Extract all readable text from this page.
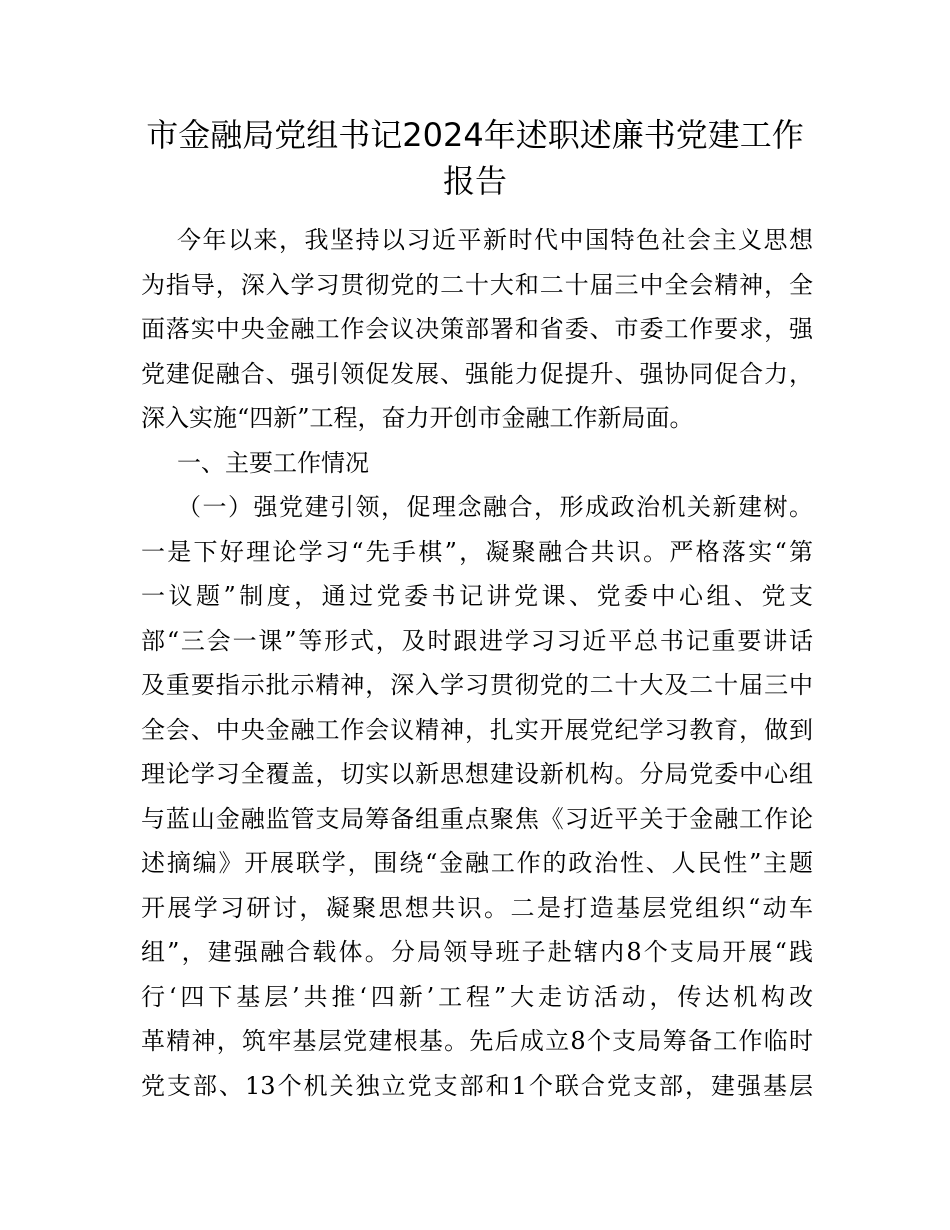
市金融局党组书记2024年述职述廉书党建工作
报告
今年以来，我坚持以习近平新时代中国特色社会主义思想
为指导，深入学习贯彻党的二十大和二十届三中全会精神，全
面落实中央金融工作会议决策部署和省委、市委工作要求，强
党建促融合、强引领促发展、强能力促提升、强协同促合力，
深入实施“四新”工程，奋力开创市金融工作新局面。
一、主要工作情况
（一）强党建引领，促理念融合，形成政治机关新建树。
一是下好理论学习“先手棋”，凝聚融合共识。严格落实“第
一议题”制度，通过党委书记讲党课、党委中心组、党支
部“三会一课”等形式，及时跟进学习习近平总书记重要讲话
及重要指示批示精神，深入学习贯彻党的二十大及二十届三中
全会、中央金融工作会议精神，扎实开展党纪学习教育，做到
理论学习全覆盖，切实以新思想建设新机构。分局党委中心组
与蓝山金融监管支局筹备组重点聚焦《习近平关于金融工作论
述摘编》开展联学，围绕“金融工作的政治性、人民性”主题
开展学习研讨，凝聚思想共识。二是打造基层党组织“动车
组”，建强融合载体。分局领导班子赴辖内8个支局开展“践
行‘四下基层’共推‘四新’工程”大走访活动，传达机构改
革精神，筑牢基层党建根基。先后成立8个支局筹备工作临时
党支部、13个机关独立党支部和1个联合党支部，建强基层
